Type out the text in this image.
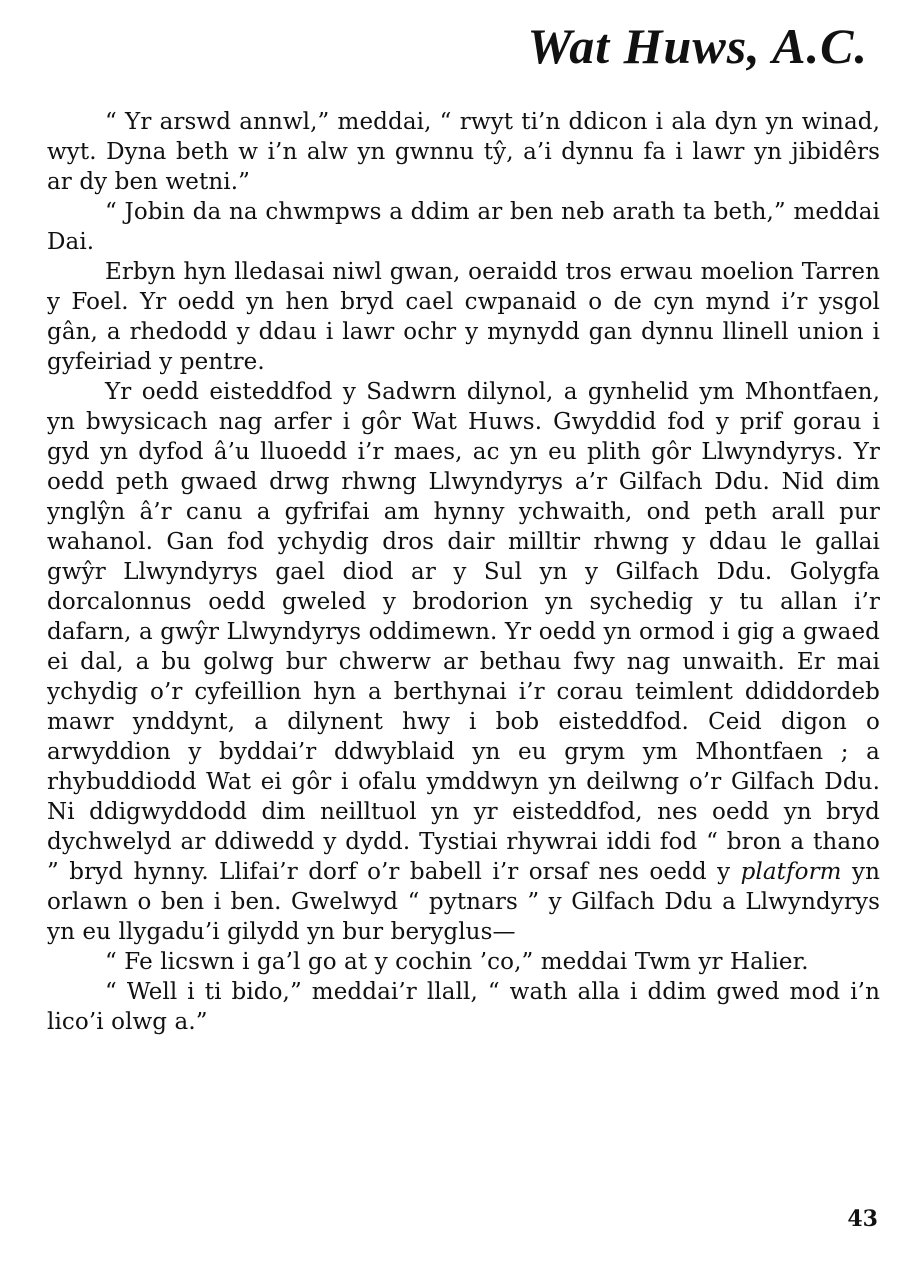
Wat Huws, A.C.

“ Yr arswd annwl,” meddai, “ rwyt ti’n ddicon i ala dyn yn winad, wyt. Dyna beth w i’n alw yn gwnnu tŷ, a’i dynnu fa i lawr yn jibidêrs ar dy ben wetni.”

“ Jobin da na chwmpws a ddim ar ben neb arath ta beth,” meddai Dai.

Erbyn hyn lledasai niwl gwan, oeraidd tros erwau moelion Tarren y Foel. Yr oedd yn hen bryd cael cwpanaid o de cyn mynd i’r ysgol gân, a rhedodd y ddau i lawr ochr y mynydd gan dynnu llinell union i gyfeiriad y pentre.

Yr oedd eisteddfod y Sadwrn dilynol, a gynhelid ym Mhontfaen, yn bwysicach nag arfer i gôr Wat Huws. Gwyddid fod y prif gorau i gyd yn dyfod â’u lluoedd i’r maes, ac yn eu plith gôr Llwyndyrys. Yr oedd peth gwaed drwg rhwng Llwyndyrys a’r Gilfach Ddu. Nid dim ynglŷn â’r canu a gyfrifai am hynny ychwaith, ond peth arall pur wahanol. Gan fod ychydig dros dair milltir rhwng y ddau le gallai gwŷr Llwyndyrys gael diod ar y Sul yn y Gilfach Ddu. Golygfa dorcalonnus oedd gweled y brodorion yn sychedig y tu allan i’r dafarn, a gwŷr Llwyndyrys oddimewn. Yr oedd yn ormod i gig a gwaed ei dal, a bu golwg bur chwerw ar bethau fwy nag unwaith. Er mai ychydig o’r cyfeillion hyn a berthynai i’r corau teimlent ddiddordeb mawr ynddynt, a dilynent hwy i bob eisteddfod. Ceid digon o arwyddion y byddai’r ddwyblaid yn eu grym ym Mhontfaen ; a rhybuddiodd Wat ei gôr i ofalu ymddwyn yn deilwng o’r Gilfach Ddu. Ni ddigwyddodd dim neilltuol yn yr eisteddfod, nes oedd yn bryd dychwelyd ar ddiwedd y dydd. Tystiai rhywrai iddi fod “ bron a thano ” bryd hynny. Llifai’r dorf o’r babell i’r orsaf nes oedd y platform yn orlawn o ben i ben. Gwelwyd “ pytnars ” y Gilfach Ddu a Llwyndyrys yn eu llygadu’i gilydd yn bur beryglus—

“ Fe licswn i ga’l go at y cochin ’co,” meddai Twm yr Halier.

“ Well i ti bido,” meddai’r llall, “ wath alla i ddim gwed mod i’n lico’i olwg a.”

43
